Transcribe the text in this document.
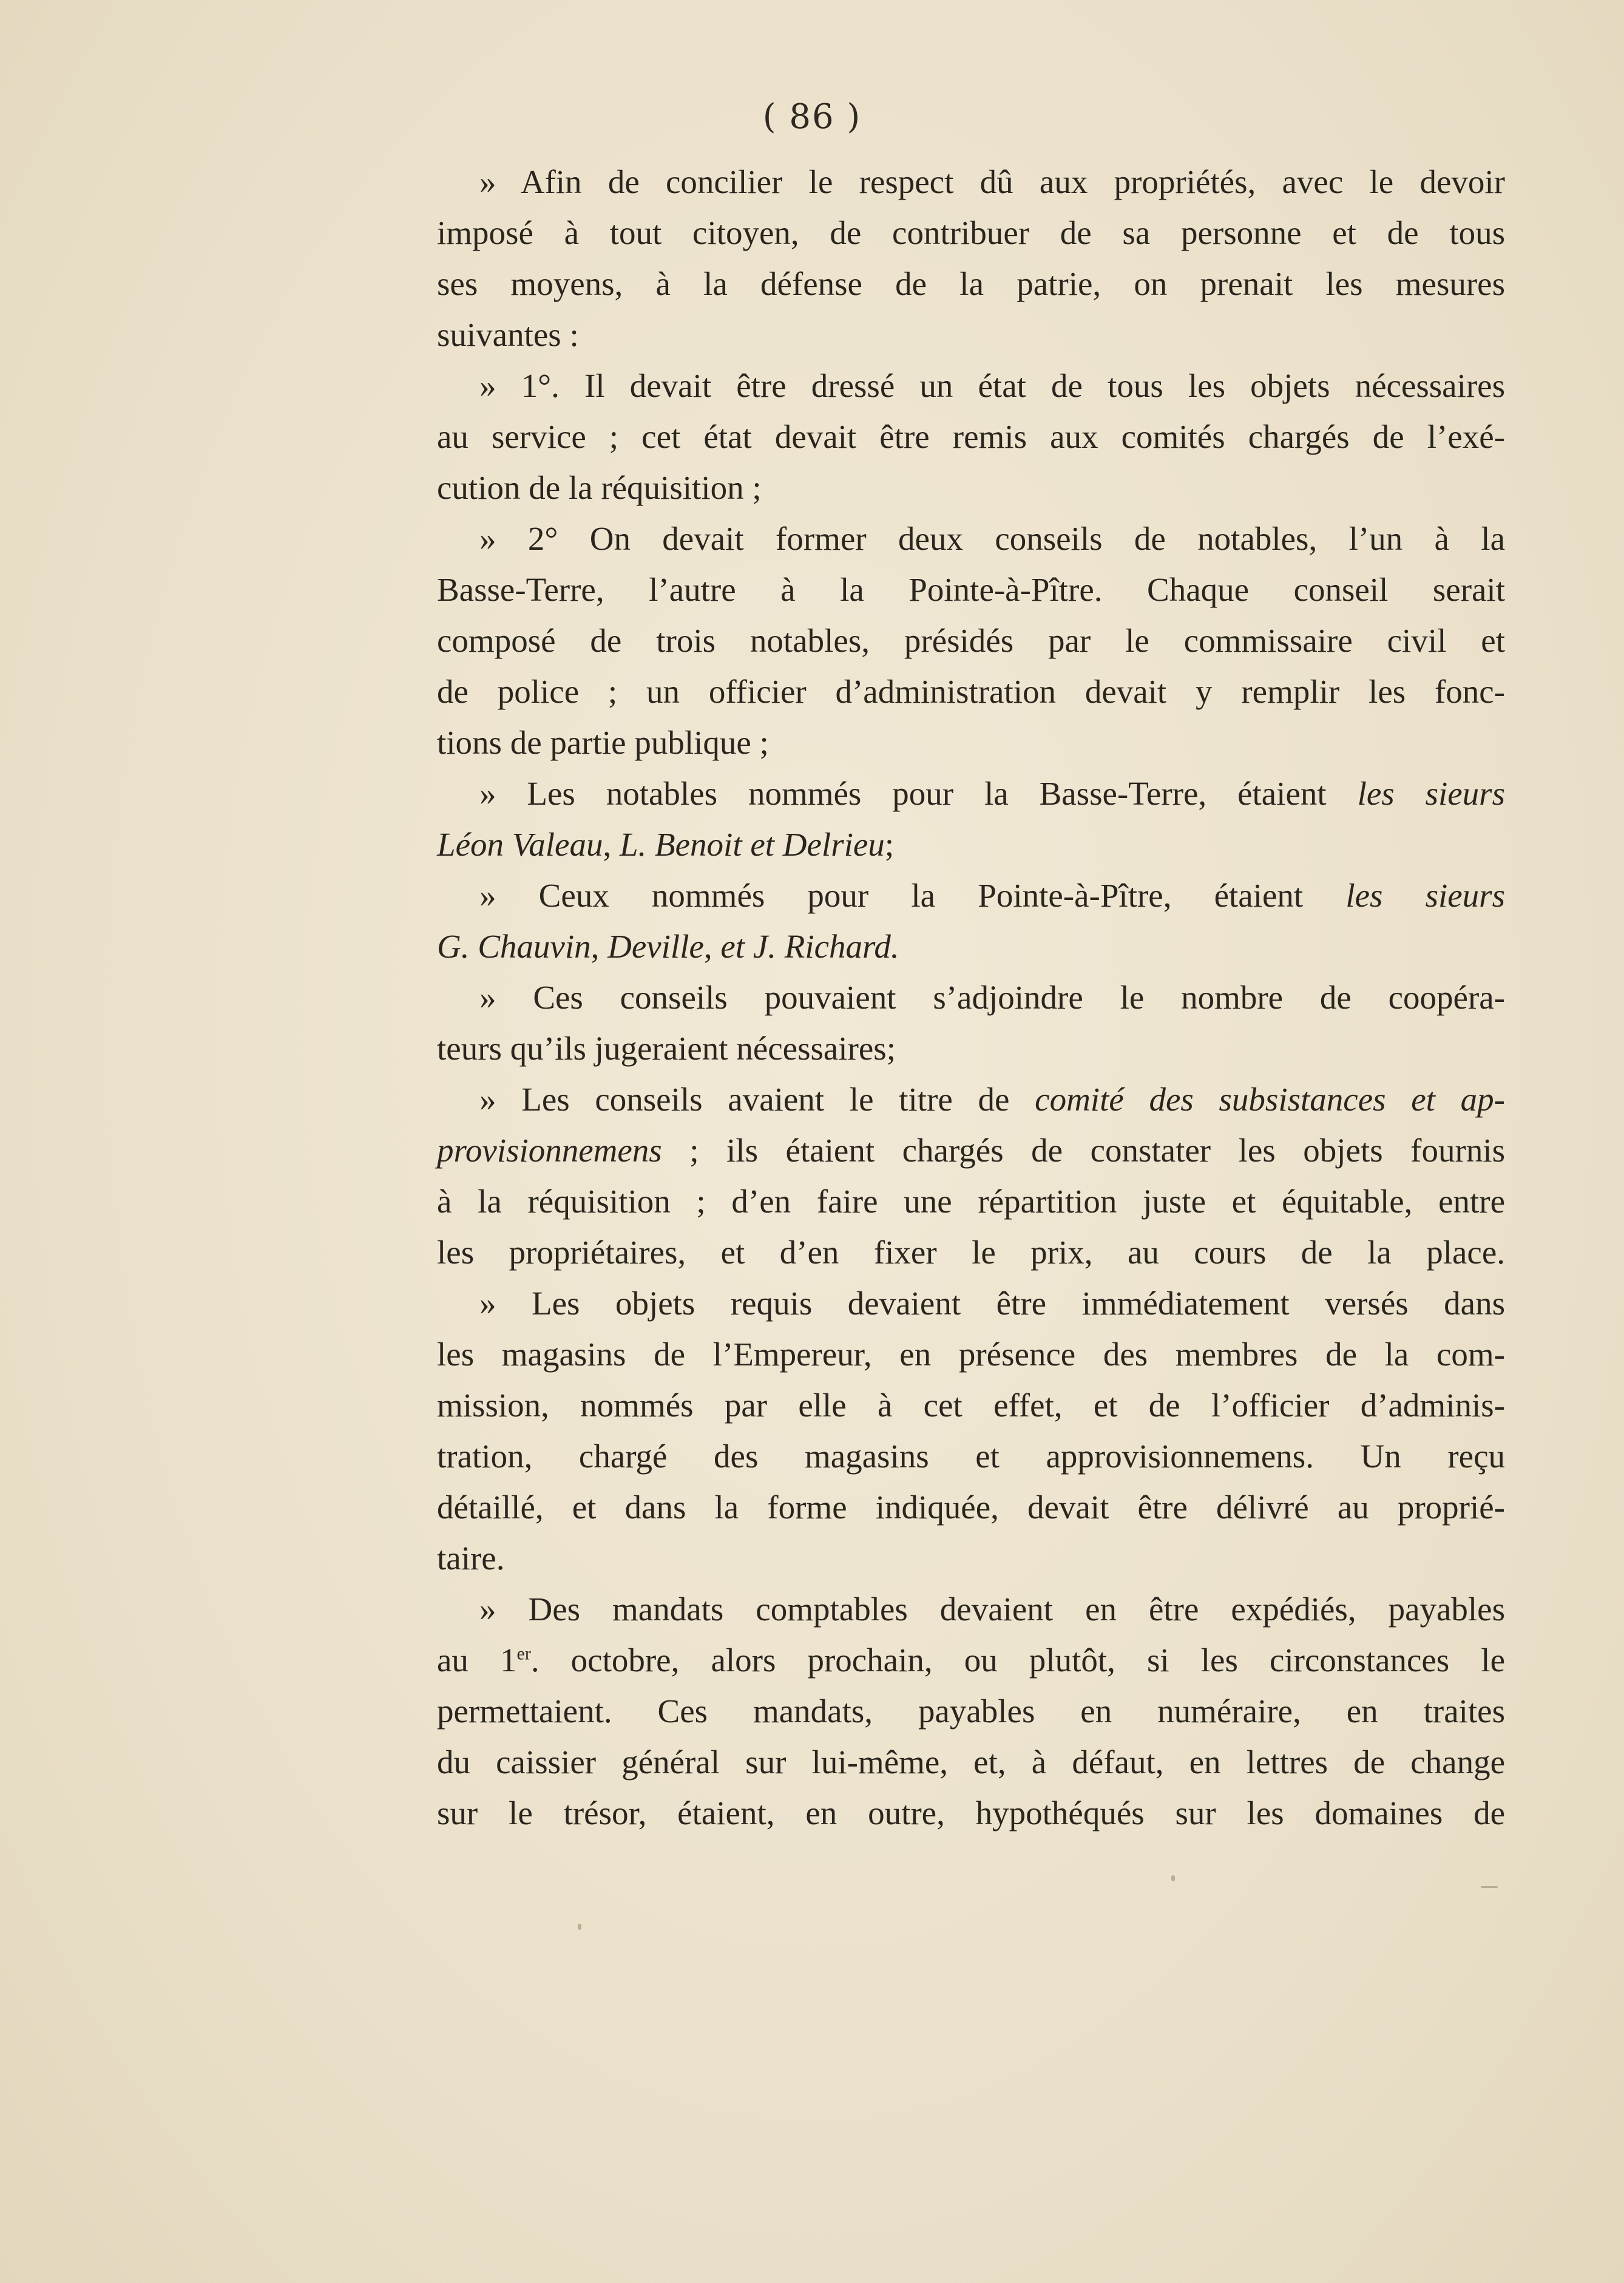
( 86 )
» Afin de concilier le respect dû aux propriétés, avec le devoir
imposé à tout citoyen, de contribuer de sa personne et de tous
ses moyens, à la défense de la patrie, on prenait les mesures
suivantes :
» 1°. Il devait être dressé un état de tous les objets nécessaires
au service ; cet état devait être remis aux comités chargés de l’exé-
cution de la réquisition ;
» 2° On devait former deux conseils de notables, l’un à la
Basse-Terre, l’autre à la Pointe-à-Pître. Chaque conseil serait
composé de trois notables, présidés par le commissaire civil et
de police ; un officier d’administration devait y remplir les fonc-
tions de partie publique ;
» Les notables nommés pour la Basse-Terre, étaient les sieurs
Léon Valeau, L. Benoit et Delrieu;
» Ceux nommés pour la Pointe-à-Pître, étaient les sieurs
G. Chauvin, Deville, et J. Richard.
» Ces conseils pouvaient s’adjoindre le nombre de coopéra-
teurs qu’ils jugeraient nécessaires;
» Les conseils avaient le titre de comité des subsistances et ap-
provisionnemens ; ils étaient chargés de constater les objets fournis
à la réquisition ; d’en faire une répartition juste et équitable, entre
les propriétaires, et d’en fixer le prix, au cours de la place.
» Les objets requis devaient être immédiatement versés dans
les magasins de l’Empereur, en présence des membres de la com-
mission, nommés par elle à cet effet, et de l’officier d’adminis-
tration, chargé des magasins et approvisionnemens. Un reçu
détaillé, et dans la forme indiquée, devait être délivré au proprié-
taire.
» Des mandats comptables devaient en être expédiés, payables
au 1er. octobre, alors prochain, ou plutôt, si les circonstances le
permettaient. Ces mandats, payables en numéraire, en traites
du caissier général sur lui-même, et, à défaut, en lettres de change
sur le trésor, étaient, en outre, hypothéqués sur les domaines de
